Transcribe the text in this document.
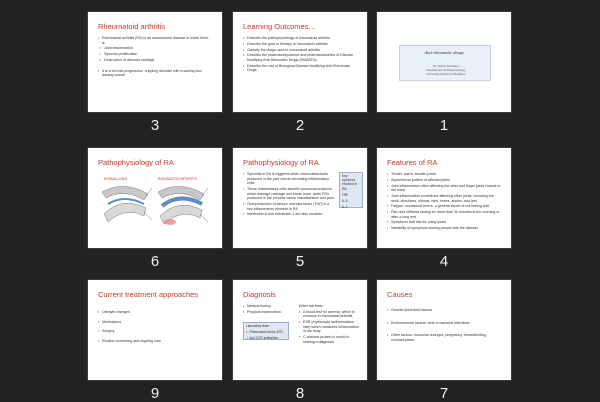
Rheumatoid arthritis
• Rheumatoid arthritis (RA) is an autoimmune disease in which there is:
✓ Joint inflammation
✓ Synovial proliferation
✓ Destruction of articular cartilage
• It is a chronic progressive, crippling disorder with a waxing and waning course
3
Learning Outcomes…
• Describe the pathophysiology of rheumatoid arthritis
• Describe the goal of therapy in rheumatoid arthritis
• Classify the drugs used in rheumatoid arthritis
• Describe the pharmacodynamics and pharmacokinetics of Disease Modifying Anti-Rheumatic Drugs (DMARDs)
• Describe the role of Biological Disease Modifying Anti-Rheumatic Drugs
2
Anti-rheumatic drugs
Dr. Name Surname
Department of Pharmacology
University School of Medicine
1
Pathophysiology of RA
NORMAL JOINT	RHEUMATOID ARTHRITIS
6
Pathophysiology of RA
• Synovitis in RA is triggered when chemoattractants produced in the joint recruit circulating inflammatory cells.
• These inflammatory cells secrete lysosomal enzymes which damage cartilage and erode bone, while PGs produced in the process cause vasodilatation and pain.
• Overproduction of tumour necrosis factor (TNF) is a key inflammatory element in RA
• Interleukin-6 and interleukin-1 are also involved
Key cytokines involved in RA:
TNF
IL-6
IL-1
5
Features of RA
• Tender, warm, swollen joints
• Symmetrical pattern of affected joints
• Joint inflammation often affecting the wrist and finger joints closest to the hand
• Joint inflammation sometimes affecting other joints, including the neck, shoulders, elbows, hips, knees, ankles, and feet
• Fatigue, occasional fevers, a general sense of not feeling well
• Pain and stiffness lasting for more than 30 minutes in the morning or after a long rest
• Symptoms that last for many years
• Variability of symptoms among people with the disease
4
Current treatment approaches
• Lifestyle changes
• Medications
• Surgery
• Routine monitoring and ongoing care.
9
Diagnosis
• Medical history
• Physical examination.
Laboratory tests:
✓ Rheumatoid factor (RF)
✓ Anti-CCP antibodies
• Other lab tests:
• A blood test for anemia, which is common in rheumatoid arthritis.
• ESR (erythrocyte sedimentation rate) which measures inflammation in the body.
• C-reactive protein is useful in making a diagnosis
8
Causes
• Genetic (inherited) factors
• Environmental factors: viral or bacterial infections.
• Other factors: hormonal changes, pregnancy, breastfeeding, contraceptives.
7
